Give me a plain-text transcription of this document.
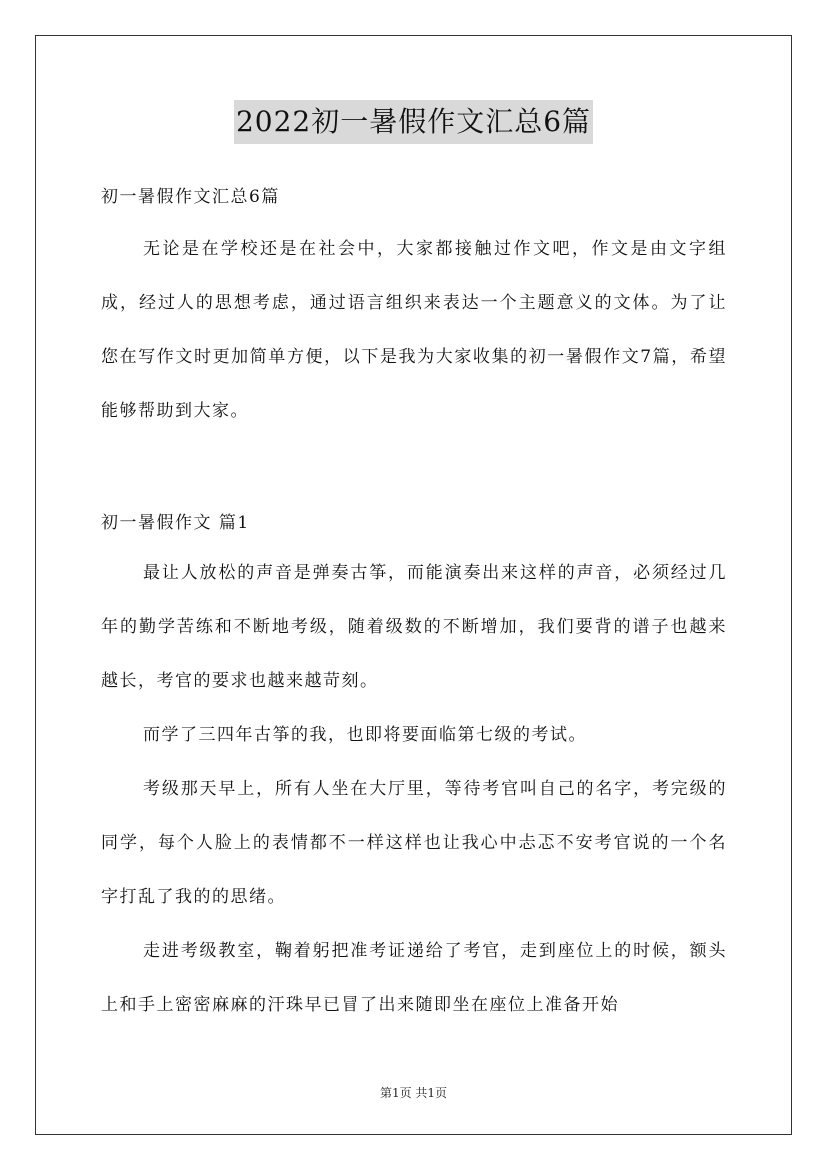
2022初一暑假作文汇总6篇
初一暑假作文汇总6篇

无论是在学校还是在社会中，大家都接触过作文吧，作文是由文字组成，经过人的思想考虑，通过语言组织来表达一个主题意义的文体。为了让您在写作文时更加简单方便，以下是我为大家收集的初一暑假作文7篇，希望能够帮助到大家。

初一暑假作文 篇1

最让人放松的声音是弹奏古筝，而能演奏出来这样的声音，必须经过几年的勤学苦练和不断地考级，随着级数的不断增加，我们要背的谱子也越来越长，考官的要求也越来越苛刻。

而学了三四年古筝的我，也即将要面临第七级的考试。

考级那天早上，所有人坐在大厅里，等待考官叫自己的名字，考完级的同学，每个人脸上的表情都不一样这样也让我心中忐忑不安考官说的一个名字打乱了我的的思绪。

走进考级教室，鞠着躬把准考证递给了考官，走到座位上的时候，额头上和手上密密麻麻的汗珠早已冒了出来随即坐在座位上准备开始

第1页 共1页
